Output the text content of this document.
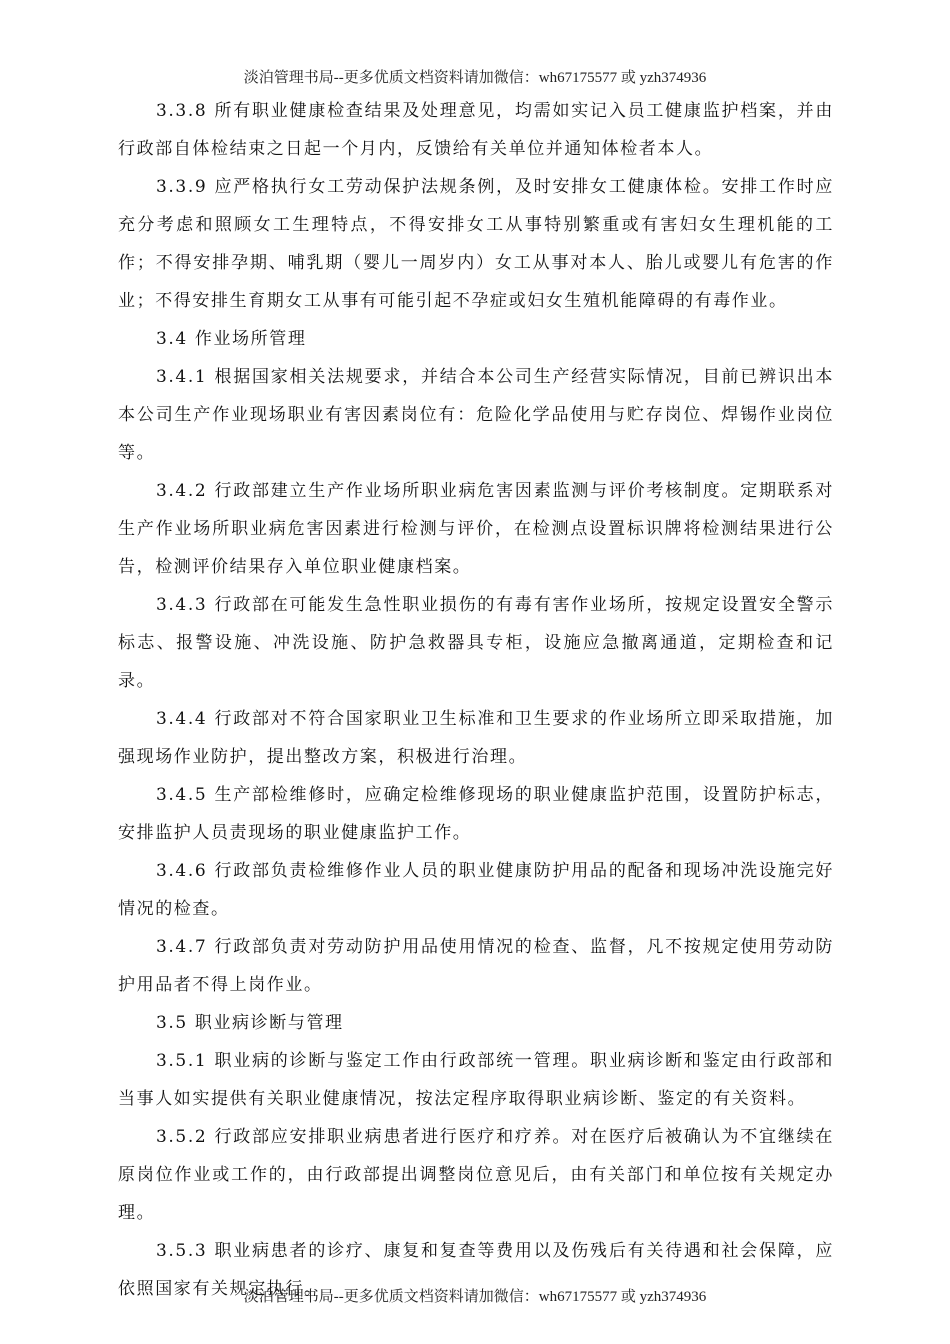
淡泊管理书局--更多优质文档资料请加微信：wh67175577 或 yzh374936

3.3.8 所有职业健康检查结果及处理意见，均需如实记入员工健康监护档案，并由行政部自体检结束之日起一个月内，反馈给有关单位并通知体检者本人。

3.3.9 应严格执行女工劳动保护法规条例，及时安排女工健康体检。安排工作时应充分考虑和照顾女工生理特点，不得安排女工从事特别繁重或有害妇女生理机能的工作；不得安排孕期、哺乳期（婴儿一周岁内）女工从事对本人、胎儿或婴儿有危害的作业；不得安排生育期女工从事有可能引起不孕症或妇女生殖机能障碍的有毒作业。

3.4 作业场所管理

3.4.1 根据国家相关法规要求，并结合本公司生产经营实际情况，目前已辨识出本本公司生产作业现场职业有害因素岗位有：危险化学品使用与贮存岗位、焊锡作业岗位等。

3.4.2 行政部建立生产作业场所职业病危害因素监测与评价考核制度。定期联系对生产作业场所职业病危害因素进行检测与评价，在检测点设置标识牌将检测结果进行公告，检测评价结果存入单位职业健康档案。

3.4.3 行政部在可能发生急性职业损伤的有毒有害作业场所，按规定设置安全警示标志、报警设施、冲洗设施、防护急救器具专柜，设施应急撤离通道，定期检查和记录。

3.4.4 行政部对不符合国家职业卫生标准和卫生要求的作业场所立即采取措施，加强现场作业防护，提出整改方案，积极进行治理。

3.4.5 生产部检维修时，应确定检维修现场的职业健康监护范围，设置防护标志，安排监护人员责现场的职业健康监护工作。

3.4.6 行政部负责检维修作业人员的职业健康防护用品的配备和现场冲洗设施完好情况的检查。

3.4.7 行政部负责对劳动防护用品使用情况的检查、监督，凡不按规定使用劳动防护用品者不得上岗作业。

3.5 职业病诊断与管理

3.5.1 职业病的诊断与鉴定工作由行政部统一管理。职业病诊断和鉴定由行政部和当事人如实提供有关职业健康情况，按法定程序取得职业病诊断、鉴定的有关资料。

3.5.2 行政部应安排职业病患者进行医疗和疗养。对在医疗后被确认为不宜继续在原岗位作业或工作的，由行政部提出调整岗位意见后，由有关部门和单位按有关规定办理。

3.5.3 职业病患者的诊疗、康复和复查等费用以及伤残后有关待遇和社会保障，应依照国家有关规定执行。

淡泊管理书局--更多优质文档资料请加微信：wh67175577 或 yzh374936
